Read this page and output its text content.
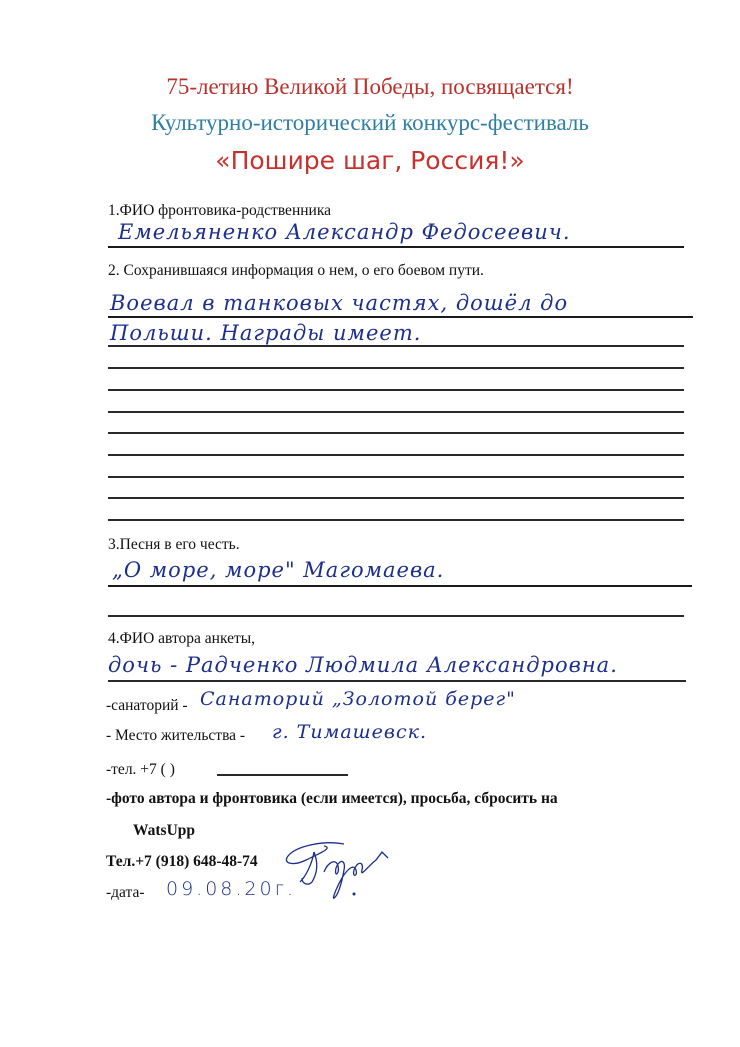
75-летию Великой Победы, посвящается!
Культурно-исторический конкурс-фестиваль
«Пошире шаг, Россия!»
1.ФИО фронтовика-родственника
Емельяненко Александр Федосеевич.
2. Сохранившаяся информация о нем, о его боевом пути.
Воевал в танковых частях, дошёл до
Польши. Награды имеет.
3.Песня в его честь.
„О море, море" Магомаева.
4.ФИО автора анкеты,
дочь - Радченко Людмила Александровна.
-санаторий - Санаторий „Золотой берег"
- Место жительства - г. Тимашевск.
-тел. +7 ( )
-фото автора и фронтовика (если имеется), просьба, сбросить на
WatsUpp
Тел.+7 (918) 648-48-74
-дата- 09.08.20г.
